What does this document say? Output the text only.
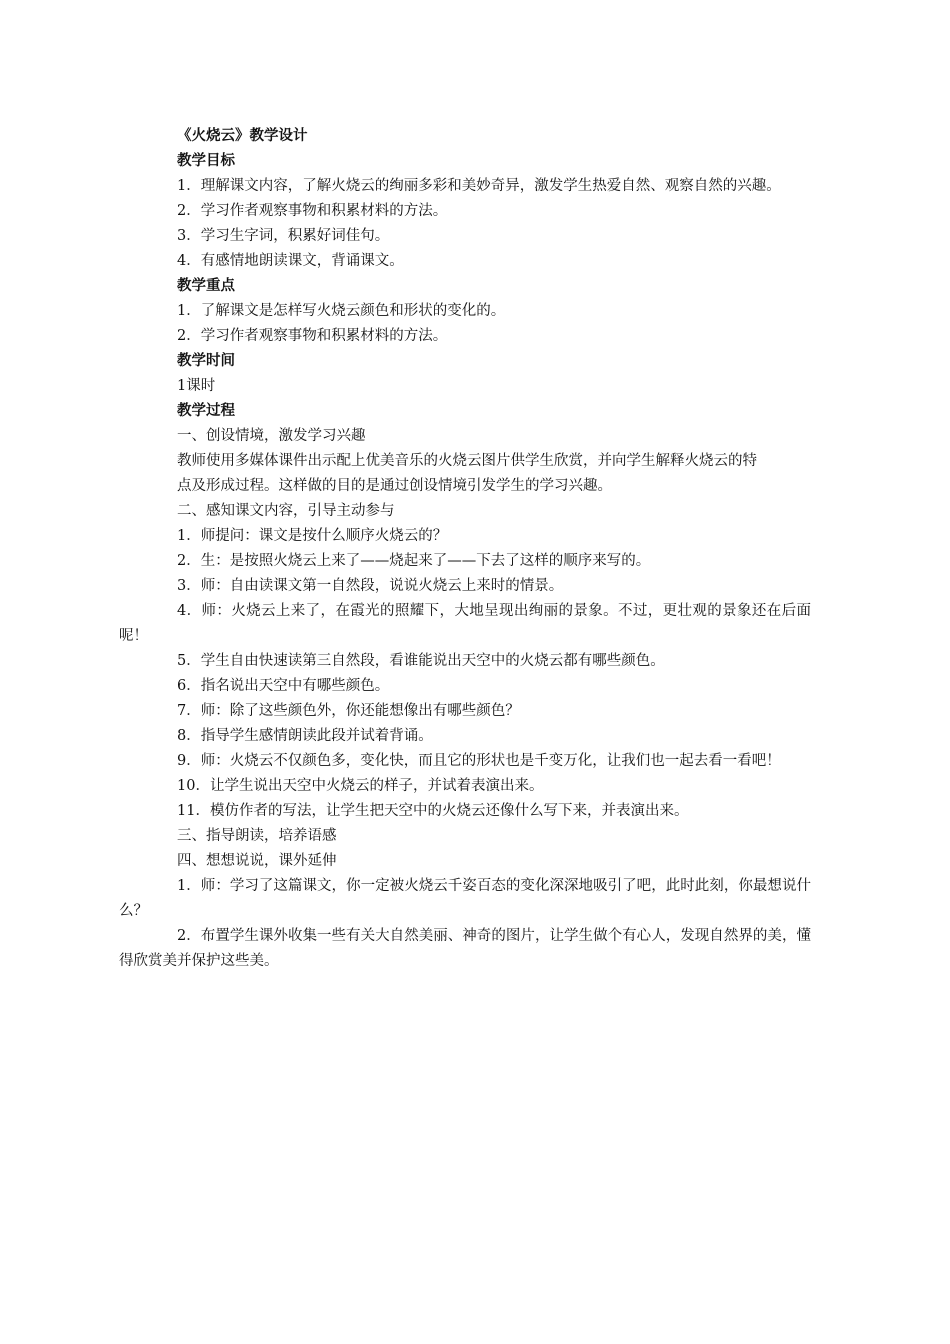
《火烧云》教学设计
教学目标

1．理解课文内容，了解火烧云的绚丽多彩和美妙奇异，激发学生热爱自然、观察自然的兴趣。

2．学习作者观察事物和积累材料的方法。

3．学习生字词，积累好词佳句。

4．有感情地朗读课文，背诵课文。

教学重点

1．了解课文是怎样写火烧云颜色和形状的变化的。

2．学习作者观察事物和积累材料的方法。

教学时间

1课时

教学过程

一、创设情境，激发学习兴趣

教师使用多媒体课件出示配上优美音乐的火烧云图片供学生欣赏，并向学生解释火烧云的特

点及形成过程。这样做的目的是通过创设情境引发学生的学习兴趣。

二、感知课文内容，引导主动参与

1．师提问：课文是按什么顺序火烧云的？

2．生：是按照火烧云上来了——烧起来了——下去了这样的顺序来写的。

3．师：自由读课文第一自然段，说说火烧云上来时的情景。

4．师：火烧云上来了，在霞光的照耀下，大地呈现出绚丽的景象。不过，更壮观的景象还在后面呢！

5．学生自由快速读第三自然段，看谁能说出天空中的火烧云都有哪些颜色。

6．指名说出天空中有哪些颜色。

7．师：除了这些颜色外，你还能想像出有哪些颜色？

8．指导学生感情朗读此段并试着背诵。

9．师：火烧云不仅颜色多，变化快，而且它的形状也是千变万化，让我们也一起去看一看吧！

10．让学生说出天空中火烧云的样子，并试着表演出来。

11．模仿作者的写法，让学生把天空中的火烧云还像什么写下来，并表演出来。

三、指导朗读，培养语感

四、想想说说，课外延伸

1．师：学习了这篇课文，你一定被火烧云千姿百态的变化深深地吸引了吧，此时此刻，你最想说什么？

2．布置学生课外收集一些有关大自然美丽、神奇的图片，让学生做个有心人，发现自然界的美，懂得欣赏美并保护这些美。
